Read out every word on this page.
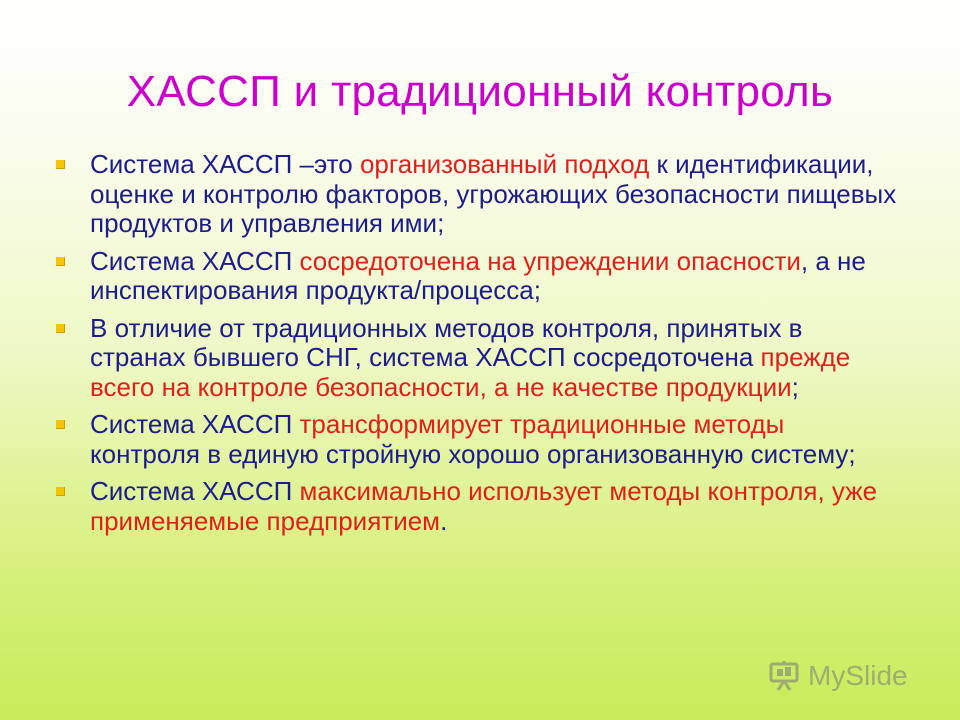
ХАССП и традиционный контроль
Система ХАССП –это организованный подход к идентификации, оценке и контролю факторов, угрожающих безопасности пищевых продуктов и управления ими;
Система ХАССП сосредоточена на упреждении опасности, а не инспектирования продукта/процесса;
В отличие от традиционных методов контроля, принятых в странах бывшего СНГ, система ХАССП сосредоточена прежде всего на контроле безопасности, а не качестве продукции;
Система ХАССП трансформирует традиционные методы контроля в единую стройную хорошо организованную систему;
Система ХАССП максимально использует методы контроля, уже применяемые предприятием.
MySlide
